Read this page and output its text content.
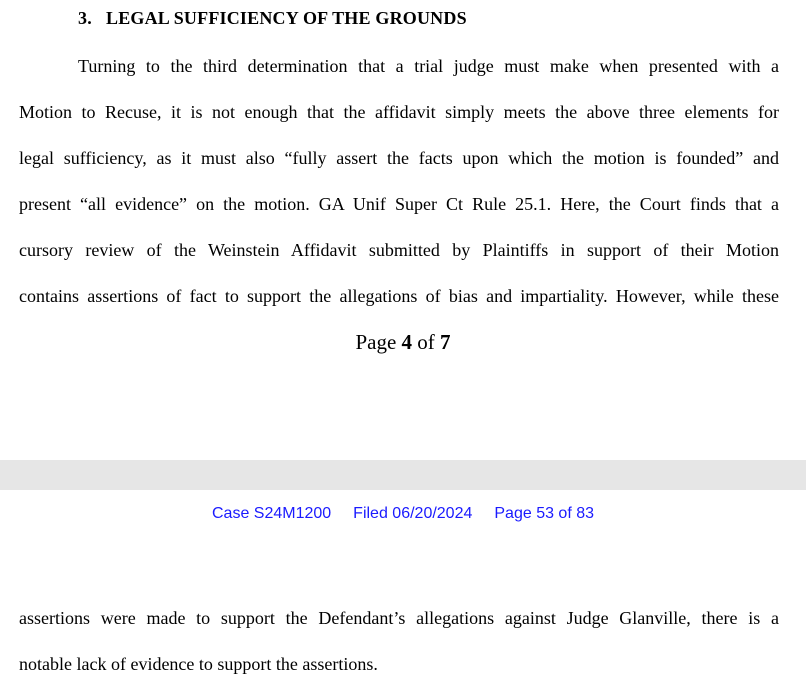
3. LEGAL SUFFICIENCY OF THE GROUNDS
Turning to the third determination that a trial judge must make when presented with a
Motion to Recuse, it is not enough that the affidavit simply meets the above three elements for
legal sufficiency, as it must also “fully assert the facts upon which the motion is founded” and
present “all evidence” on the motion. GA Unif Super Ct Rule 25.1. Here, the Court finds that a
cursory review of the Weinstein Affidavit submitted by Plaintiffs in support of their Motion
contains assertions of fact to support the allegations of bias and impartiality. However, while these
Page 4 of 7
Case S24M1200 Filed 06/20/2024 Page 53 of 83
assertions were made to support the Defendant’s allegations against Judge Glanville, there is a
notable lack of evidence to support the assertions.
